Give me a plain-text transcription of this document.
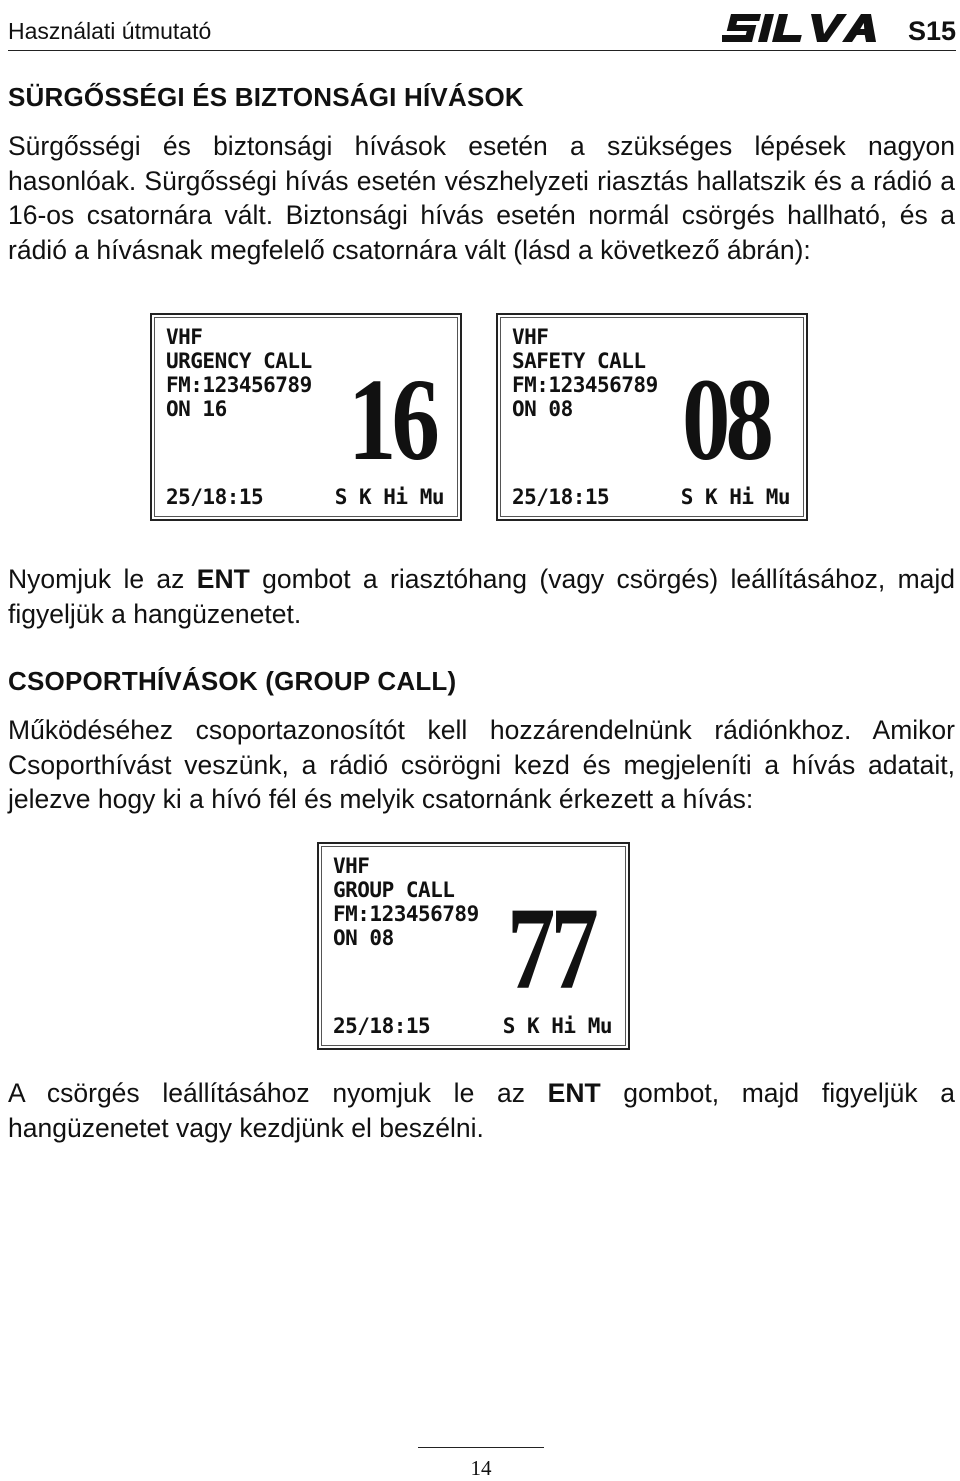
Használati útmutató	S15
SÜRGŐSSÉGI ÉS BIZTONSÁGI HÍVÁSOK

Sürgősségi és biztonsági hívások esetén a szükséges lépések nagyon hasonlóak. Sürgősségi hívás esetén vészhelyzeti riasztás hallatszik és a rádió a 16-os csatornára vált. Biztonsági hívás esetén normál csörgés hallható, és a rádió a hívásnak megfelelő csatornára vált (lásd a következő ábrán):

VHF
URGENCY CALL
FM:123456789
ON 16 16
25/18:15	S K Hi Mu
VHF
SAFETY CALL
FM:123456789
ON 08 08
25/18:15	S K Hi Mu

Nyomjuk le az ENT gombot a riasztóhang (vagy csörgés) leállításához, majd figyeljük a hangüzenetet.

CSOPORTHÍVÁSOK (GROUP CALL)

Működéséhez csoportazonosítót kell hozzárendelnünk rádiónkhoz. Amikor Csoporthívást veszünk, a rádió csörögni kezd és megjeleníti a hívás adatait, jelezve hogy ki a hívó fél és melyik csatornánk érkezett a hívás:

VHF
GROUP CALL
FM:123456789
ON 08 77
25/18:15	S K Hi Mu

A csörgés leállításához nyomjuk le az ENT gombot, majd figyeljük a hangüzenetet vagy kezdjünk el beszélni.

14
